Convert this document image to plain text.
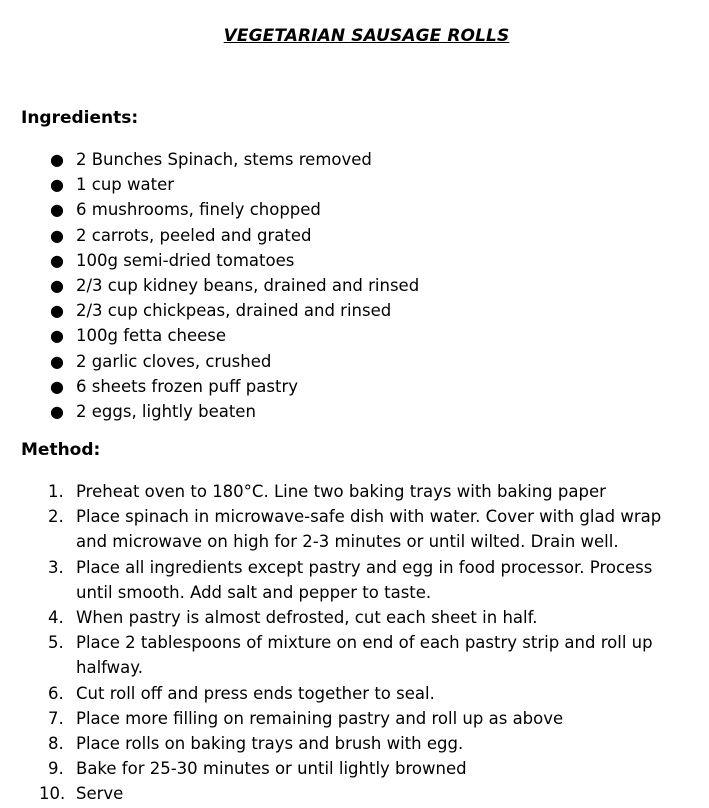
VEGETARIAN SAUSAGE ROLLS
Ingredients:
● 2 Bunches Spinach, stems removed
● 1 cup water
● 6 mushrooms, finely chopped
● 2 carrots, peeled and grated
● 100g semi-dried tomatoes
● 2/3 cup kidney beans, drained and rinsed
● 2/3 cup chickpeas, drained and rinsed
● 100g fetta cheese
● 2 garlic cloves, crushed
● 6 sheets frozen puff pastry
● 2 eggs, lightly beaten
Method:
1. Preheat oven to 180°C. Line two baking trays with baking paper
2. Place spinach in microwave-safe dish with water. Cover with glad wrap and microwave on high for 2-3 minutes or until wilted. Drain well.
3. Place all ingredients except pastry and egg in food processor. Process until smooth. Add salt and pepper to taste.
4. When pastry is almost defrosted, cut each sheet in half.
5. Place 2 tablespoons of mixture on end of each pastry strip and roll up halfway.
6. Cut roll off and press ends together to seal.
7. Place more filling on remaining pastry and roll up as above
8. Place rolls on baking trays and brush with egg.
9. Bake for 25-30 minutes or until lightly browned
10. Serve
